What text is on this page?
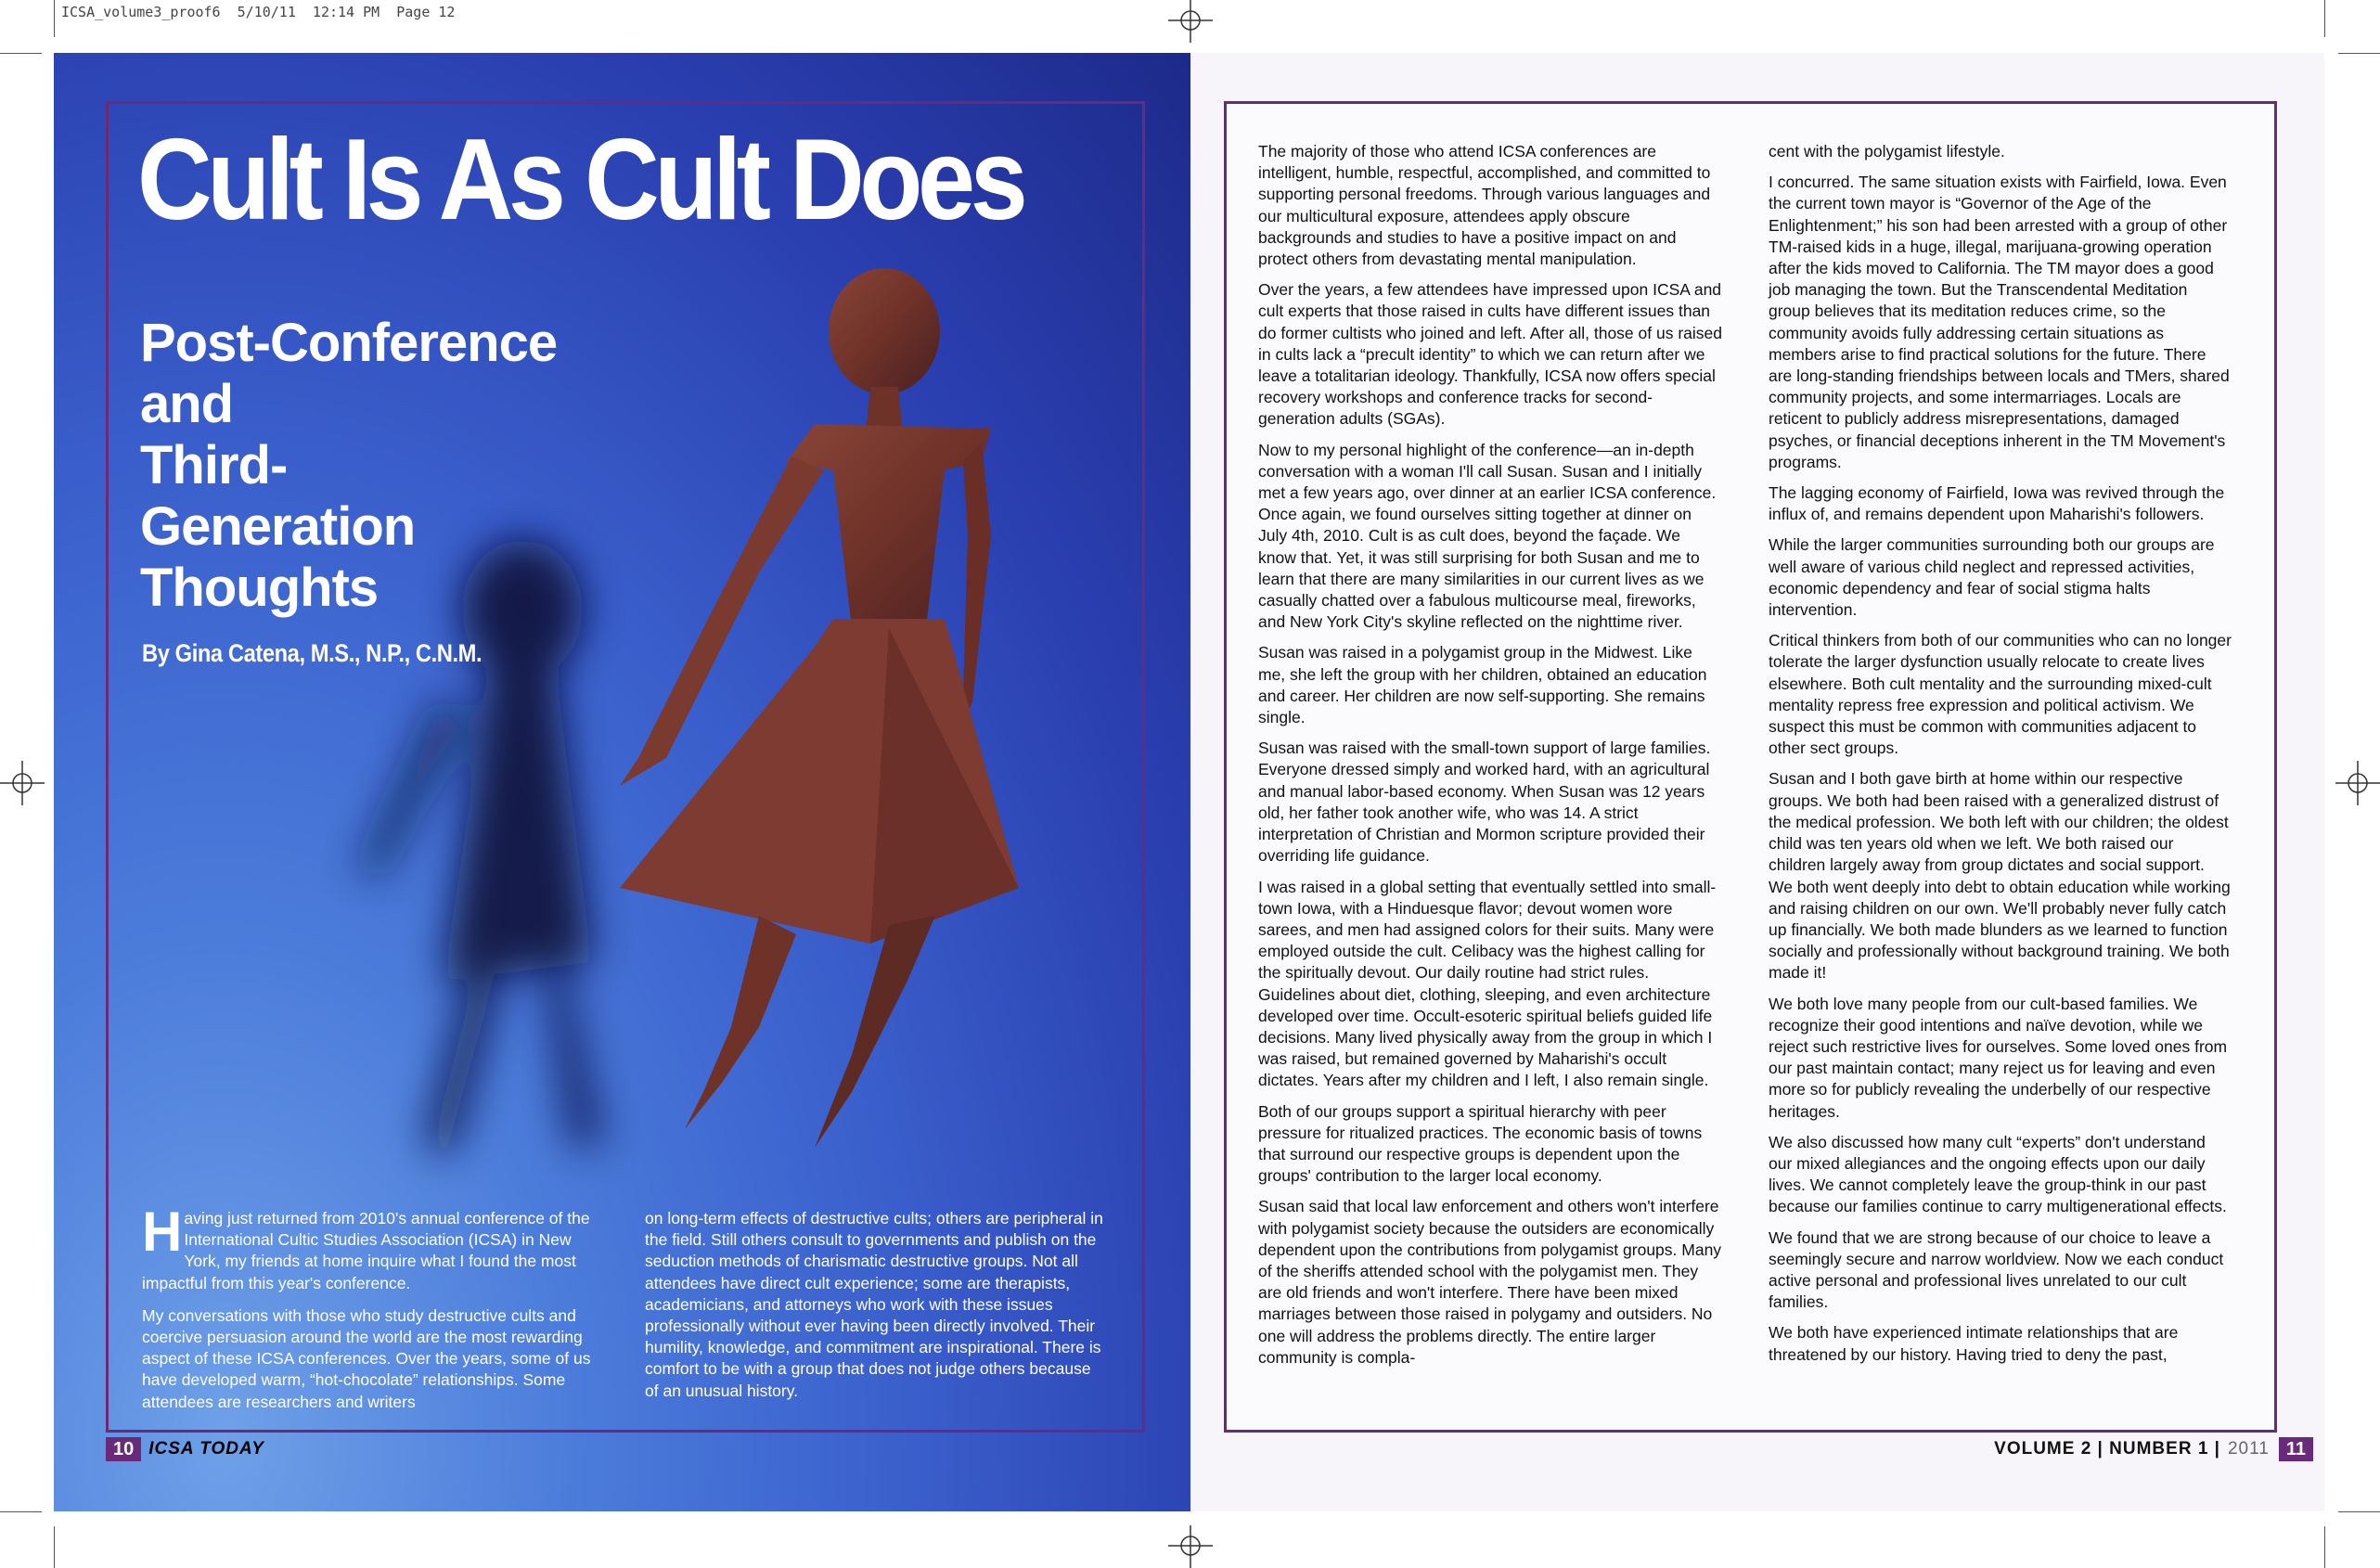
ICSA_volume3_proof6  5/10/11  12:14 PM  Page 12
Cult Is As Cult Does
Post-Conference
and
Third-
Generation
Thoughts
By Gina Catena, M.S., N.P., C.N.M.

Having just returned from 2010's annual conference of the International Cultic Studies Association (ICSA) in New York, my friends at home inquire what I found the most impactful from this year's conference.

My conversations with those who study destructive cults and coercive persuasion around the world are the most rewarding aspect of these ICSA conferences. Over the years, some of us have developed warm, “hot-chocolate” relationships. Some attendees are researchers and writers

on long-term effects of destructive cults; others are peripheral in the field. Still others consult to governments and publish on the seduction methods of charismatic destructive groups. Not all attendees have direct cult experience; some are therapists, academicians, and attorneys who work with these issues professionally without ever having been directly involved. Their humility, knowledge, and commitment are inspirational. There is comfort to be with a group that does not judge others because of an unusual history.

10 ICSA TODAY

The majority of those who attend ICSA conferences are intelligent, humble, respectful, accomplished, and committed to supporting personal freedoms. Through various languages and our multicultural exposure, attendees apply obscure backgrounds and studies to have a positive impact on and protect others from devastating mental manipulation.

Over the years, a few attendees have impressed upon ICSA and cult experts that those raised in cults have different issues than do former cultists who joined and left. After all, those of us raised in cults lack a “precult identity” to which we can return after we leave a totalitarian ideology. Thankfully, ICSA now offers special recovery workshops and conference tracks for second-generation adults (SGAs).

Now to my personal highlight of the conference—an in-depth conversation with a woman I'll call Susan. Susan and I initially met a few years ago, over dinner at an earlier ICSA conference. Once again, we found ourselves sitting together at dinner on July 4th, 2010. Cult is as cult does, beyond the façade. We know that. Yet, it was still surprising for both Susan and me to learn that there are many similarities in our current lives as we casually chatted over a fabulous multicourse meal, fireworks, and New York City's skyline reflected on the nighttime river.

Susan was raised in a polygamist group in the Midwest. Like me, she left the group with her children, obtained an education and career. Her children are now self-supporting. She remains single.

Susan was raised with the small-town support of large families. Everyone dressed simply and worked hard, with an agricultural and manual labor-based economy. When Susan was 12 years old, her father took another wife, who was 14. A strict interpretation of Christian and Mormon scripture provided their overriding life guidance.

I was raised in a global setting that eventually settled into small-town Iowa, with a Hinduesque flavor; devout women wore sarees, and men had assigned colors for their suits. Many were employed outside the cult. Celibacy was the highest calling for the spiritually devout. Our daily routine had strict rules. Guidelines about diet, clothing, sleeping, and even architecture developed over time. Occult-esoteric spiritual beliefs guided life decisions. Many lived physically away from the group in which I was raised, but remained governed by Maharishi's occult dictates. Years after my children and I left, I also remain single.

Both of our groups support a spiritual hierarchy with peer pressure for ritualized practices. The economic basis of towns that surround our respective groups is dependent upon the groups' contribution to the larger local economy.

Susan said that local law enforcement and others won't interfere with polygamist society because the outsiders are economically dependent upon the contributions from polygamist groups. Many of the sheriffs attended school with the polygamist men. They are old friends and won't interfere. There have been mixed marriages between those raised in polygamy and outsiders. No one will address the problems directly. The entire larger community is compla-

cent with the polygamist lifestyle.

I concurred. The same situation exists with Fairfield, Iowa. Even the current town mayor is “Governor of the Age of the Enlightenment;” his son had been arrested with a group of other TM-raised kids in a huge, illegal, marijuana-growing operation after the kids moved to California. The TM mayor does a good job managing the town. But the Transcendental Meditation group believes that its meditation reduces crime, so the community avoids fully addressing certain situations as members arise to find practical solutions for the future. There are long-standing friendships between locals and TMers, shared community projects, and some intermarriages. Locals are reticent to publicly address misrepresentations, damaged psyches, or financial deceptions inherent in the TM Movement's programs.

The lagging economy of Fairfield, Iowa was revived through the influx of, and remains dependent upon Maharishi's followers.

While the larger communities surrounding both our groups are well aware of various child neglect and repressed activities, economic dependency and fear of social stigma halts intervention.

Critical thinkers from both of our communities who can no longer tolerate the larger dysfunction usually relocate to create lives elsewhere. Both cult mentality and the surrounding mixed-cult mentality repress free expression and political activism. We suspect this must be common with communities adjacent to other sect groups.

Susan and I both gave birth at home within our respective groups. We both had been raised with a generalized distrust of the medical profession. We both left with our children; the oldest child was ten years old when we left. We both raised our children largely away from group dictates and social support. We both went deeply into debt to obtain education while working and raising children on our own. We'll probably never fully catch up financially. We both made blunders as we learned to function socially and professionally without background training. We both made it!

We both love many people from our cult-based families. We recognize their good intentions and naïve devotion, while we reject such restrictive lives for ourselves. Some loved ones from our past maintain contact; many reject us for leaving and even more so for publicly revealing the underbelly of our respective heritages.

We also discussed how many cult “experts” don't understand our mixed allegiances and the ongoing effects upon our daily lives. We cannot completely leave the group-think in our past because our families continue to carry multigenerational effects.

We found that we are strong because of our choice to leave a seemingly secure and narrow worldview. Now we each conduct active personal and professional lives unrelated to our cult families.

We both have experienced intimate relationships that are threatened by our history. Having tried to deny the past,

VOLUME 2 | NUMBER 1 | 2011 11
